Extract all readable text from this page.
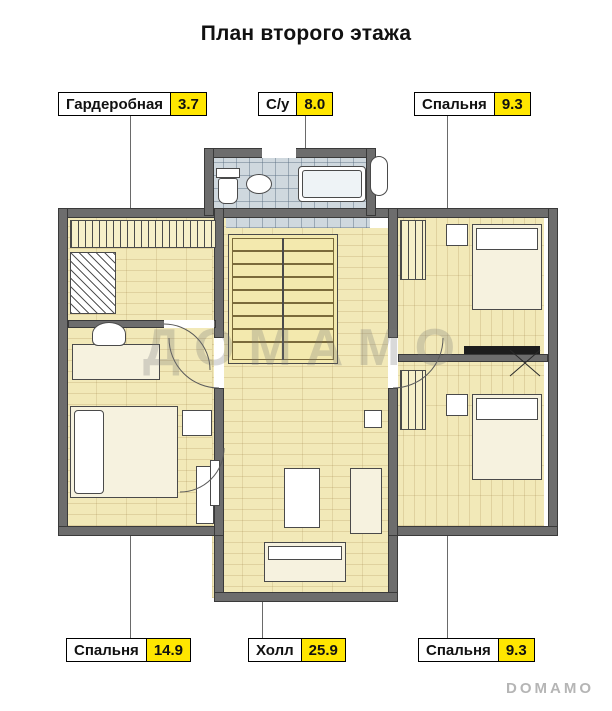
План второго этажа
Гардеробная	3.7	С/у	8.0	Спальня	9.3
Спальня	14.9	Холл	25.9	Спальня	9.3
ДОМАМО
DOMAMO
